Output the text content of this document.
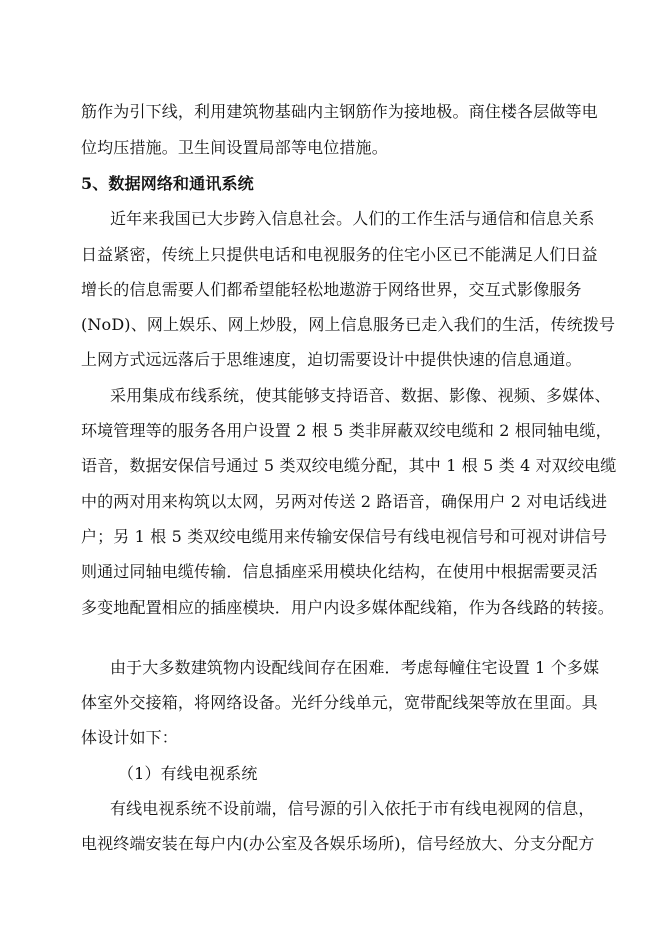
筋作为引下线，利用建筑物基础内主钢筋作为接地极。商住楼各层做等电
位均压措施。卫生间设置局部等电位措施。
5、数据网络和通讯系统
近年来我国已大步跨入信息社会。人们的工作生活与通信和信息关系
日益紧密，传统上只提供电话和电视服务的住宅小区已不能满足人们日益
增长的信息需要人们都希望能轻松地遨游于网络世界，交互式影像服务
(NoD)、网上娱乐、网上炒股，网上信息服务已走入我们的生活，传统拨号
上网方式远远落后于思维速度，迫切需要设计中提供快速的信息通道。
采用集成布线系统，使其能够支持语音、数据、影像、视频、多媒体、
环境管理等的服务各用户设置 2 根 5 类非屏蔽双绞电缆和 2 根同轴电缆，
语音，数据安保信号通过 5 类双绞电缆分配，其中 1 根 5 类 4 对双绞电缆
中的两对用来构筑以太网，另两对传送 2 路语音，确保用户 2 对电话线进
户；另 1 根 5 类双绞电缆用来传输安保信号有线电视信号和可视对讲信号
则通过同轴电缆传输．信息插座采用模块化结构，在使用中根据需要灵活
多变地配置相应的插座模块．用户内设多媒体配线箱，作为各线路的转接。
由于大多数建筑物内设配线间存在困难．考虑每幢住宅设置 1 个多媒
体室外交接箱，将网络设备。光纤分线单元，宽带配线架等放在里面。具
体设计如下：
（1）有线电视系统
有线电视系统不设前端，信号源的引入依托于市有线电视网的信息，
电视终端安装在每户内(办公室及各娱乐场所)，信号经放大、分支分配方
